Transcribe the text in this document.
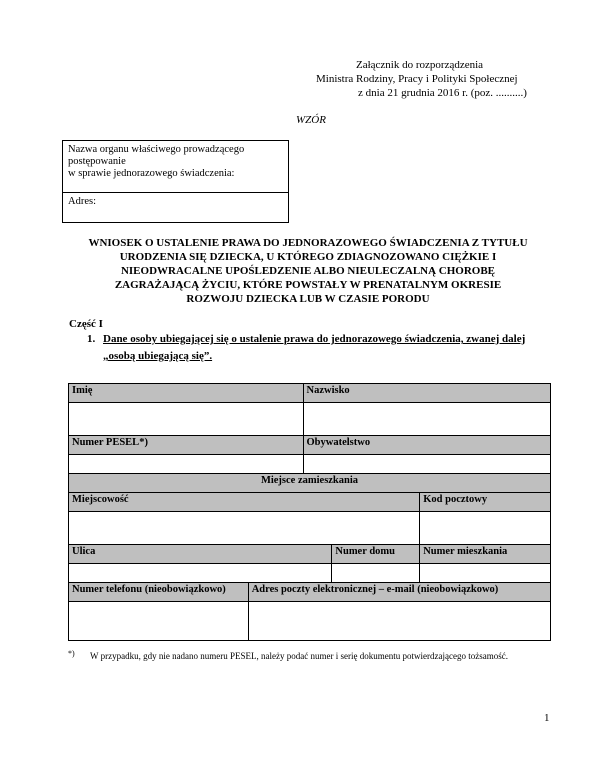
Załącznik do rozporządzenia
Ministra Rodziny, Pracy i Polityki Społecznej
z dnia 21 grudnia 2016 r. (poz. ..........)
WZÓR
Nazwa organu właściwego prowadzącego
postępowanie
w sprawie jednorazowego świadczenia:
Adres:
WNIOSEK O USTALENIE PRAWA DO JEDNORAZOWEGO ŚWIADCZENIA Z TYTUŁU
URODZENIA SIĘ DZIECKA, U KTÓREGO ZDIAGNOZOWANO CIĘŻKIE I
NIEODWRACALNE UPOŚLEDZENIE ALBO NIEULECZALNĄ CHOROBĘ
ZAGRAŻAJĄCĄ ŻYCIU, KTÓRE POWSTAŁY W PRENATALNYM OKRESIE
ROZWOJU DZIECKA LUB W CZASIE PORODU
Część I
1. Dane osoby ubiegającej się o ustalenie prawa do jednorazowego świadczenia, zwanej dalej „osobą ubiegającą się”.
Imię		Nazwisko		

Numer PESEL*)		Obywatelstwo		

Miejsce zamieszkania				
Miejscowość				Kod pocztowy

Ulica			Numer domu	Numer mieszkania

Numer telefonu (nieobowiązkowo)	Adres poczty elektronicznej – e-mail (nieobowiązkowo)			

*) W przypadku, gdy nie nadano numeru PESEL, należy podać numer i serię dokumentu potwierdzającego tożsamość.
1
